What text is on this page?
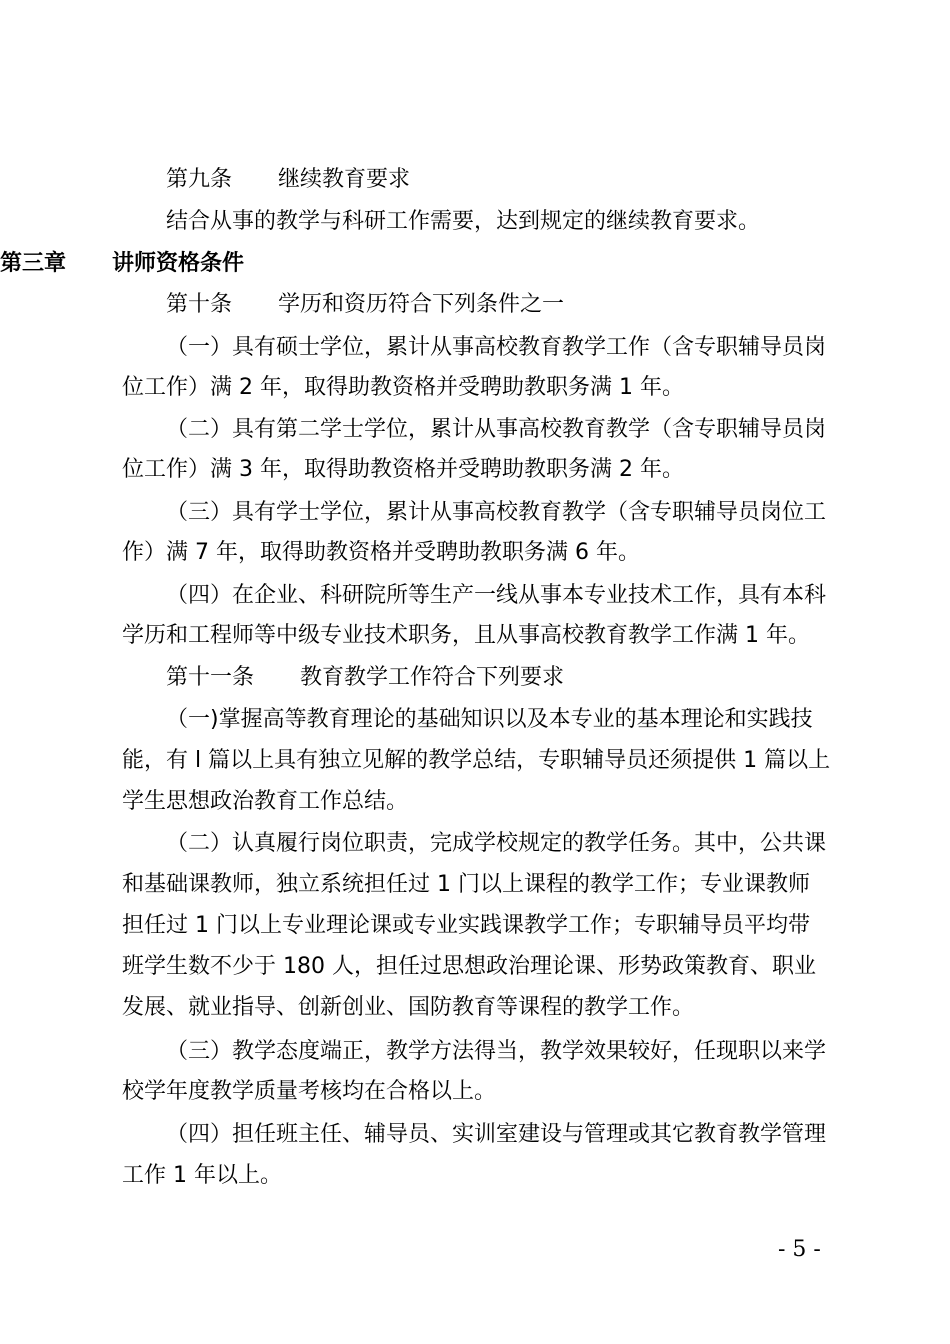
第九条 继续教育要求
结合从事的教学与科研工作需要，达到规定的继续教育要求。
第三章 讲师资格条件
第十条 学历和资历符合下列条件之一
（一）具有硕士学位，累计从事高校教育教学工作（含专职辅导员岗
位工作）满 2 年，取得助教资格并受聘助教职务满 1 年。
（二）具有第二学士学位，累计从事高校教育教学（含专职辅导员岗
位工作）满 3 年，取得助教资格并受聘助教职务满 2 年。
（三）具有学士学位，累计从事高校教育教学（含专职辅导员岗位工
作）满 7 年，取得助教资格并受聘助教职务满 6 年。
（四）在企业、科研院所等生产一线从事本专业技术工作，具有本科
学历和工程师等中级专业技术职务，且从事高校教育教学工作满 1 年。
第十一条 教育教学工作符合下列要求
（一)掌握高等教育理论的基础知识以及本专业的基本理论和实践技
能，有 l 篇以上具有独立见解的教学总结，专职辅导员还须提供 1 篇以上
学生思想政治教育工作总结。
（二）认真履行岗位职责，完成学校规定的教学任务。其中，公共课
和基础课教师，独立系统担任过 1 门以上课程的教学工作；专业课教师
担任过 1 门以上专业理论课或专业实践课教学工作；专职辅导员平均带
班学生数不少于 180 人，担任过思想政治理论课、形势政策教育、职业
发展、就业指导、创新创业、国防教育等课程的教学工作。
（三）教学态度端正，教学方法得当，教学效果较好，任现职以来学
校学年度教学质量考核均在合格以上。
（四）担任班主任、辅导员、实训室建设与管理或其它教育教学管理
工作 1 年以上。
- 5 -
